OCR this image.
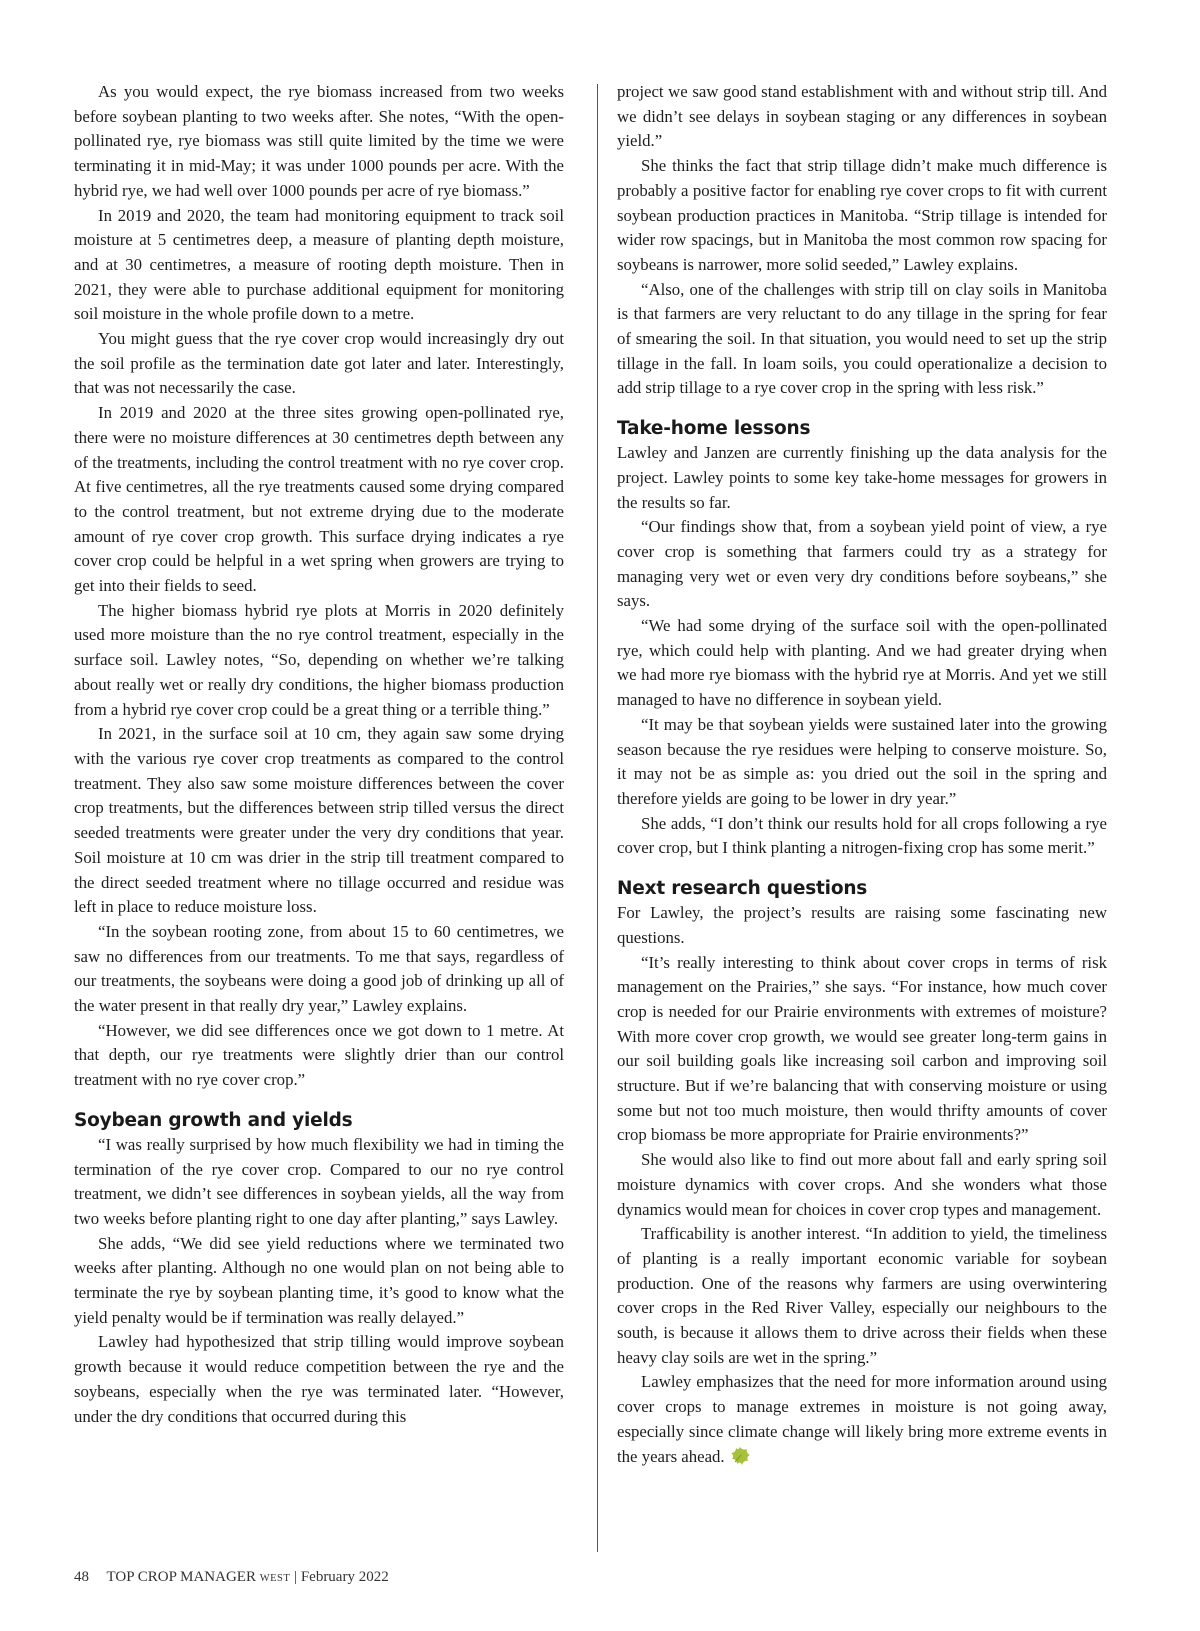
As you would expect, the rye biomass increased from two weeks before soybean planting to two weeks after. She notes, “With the open-pollinated rye, rye biomass was still quite limited by the time we were terminating it in mid-May; it was under 1000 pounds per acre. With the hybrid rye, we had well over 1000 pounds per acre of rye biomass.”

In 2019 and 2020, the team had monitoring equipment to track soil moisture at 5 centimetres deep, a measure of planting depth moisture, and at 30 centimetres, a measure of rooting depth moisture. Then in 2021, they were able to purchase additional equipment for monitoring soil moisture in the whole profile down to a metre.

You might guess that the rye cover crop would increasingly dry out the soil profile as the termination date got later and later. Interestingly, that was not necessarily the case.

In 2019 and 2020 at the three sites growing open-pollinated rye, there were no moisture differences at 30 centimetres depth between any of the treatments, including the control treatment with no rye cover crop. At five centimetres, all the rye treatments caused some drying compared to the control treatment, but not extreme drying due to the moderate amount of rye cover crop growth. This surface drying indicates a rye cover crop could be helpful in a wet spring when growers are trying to get into their fields to seed.

The higher biomass hybrid rye plots at Morris in 2020 definitely used more moisture than the no rye control treatment, especially in the surface soil. Lawley notes, “So, depending on whether we’re talking about really wet or really dry conditions, the higher biomass production from a hybrid rye cover crop could be a great thing or a terrible thing.”

In 2021, in the surface soil at 10 cm, they again saw some drying with the various rye cover crop treatments as compared to the control treatment. They also saw some moisture differences between the cover crop treatments, but the differences between strip tilled versus the direct seeded treatments were greater under the very dry conditions that year. Soil moisture at 10 cm was drier in the strip till treatment compared to the direct seeded treatment where no tillage occurred and residue was left in place to reduce moisture loss.

“In the soybean rooting zone, from about 15 to 60 centimetres, we saw no differences from our treatments. To me that says, regardless of our treatments, the soybeans were doing a good job of drinking up all of the water present in that really dry year,” Lawley explains.

“However, we did see differences once we got down to 1 metre. At that depth, our rye treatments were slightly drier than our control treatment with no rye cover crop.”

Soybean growth and yields

“I was really surprised by how much flexibility we had in timing the termination of the rye cover crop. Compared to our no rye control treatment, we didn’t see differences in soybean yields, all the way from two weeks before planting right to one day after planting,” says Lawley.

She adds, “We did see yield reductions where we terminated two weeks after planting. Although no one would plan on not being able to terminate the rye by soybean planting time, it’s good to know what the yield penalty would be if termination was really delayed.”

Lawley had hypothesized that strip tilling would improve soybean growth because it would reduce competition between the rye and the soybeans, especially when the rye was terminated later. “However, under the dry conditions that occurred during this

project we saw good stand establishment with and without strip till. And we didn’t see delays in soybean staging or any differences in soybean yield.”

She thinks the fact that strip tillage didn’t make much difference is probably a positive factor for enabling rye cover crops to fit with current soybean production practices in Manitoba. “Strip tillage is intended for wider row spacings, but in Manitoba the most common row spacing for soybeans is narrower, more solid seeded,” Lawley explains.

“Also, one of the challenges with strip till on clay soils in Manitoba is that farmers are very reluctant to do any tillage in the spring for fear of smearing the soil. In that situation, you would need to set up the strip tillage in the fall. In loam soils, you could operationalize a decision to add strip tillage to a rye cover crop in the spring with less risk.”

Take-home lessons

Lawley and Janzen are currently finishing up the data analysis for the project. Lawley points to some key take-home messages for growers in the results so far.

“Our findings show that, from a soybean yield point of view, a rye cover crop is something that farmers could try as a strategy for managing very wet or even very dry conditions before soybeans,” she says.

“We had some drying of the surface soil with the open-pollinated rye, which could help with planting. And we had greater drying when we had more rye biomass with the hybrid rye at Morris. And yet we still managed to have no difference in soybean yield.

“It may be that soybean yields were sustained later into the growing season because the rye residues were helping to conserve moisture. So, it may not be as simple as: you dried out the soil in the spring and therefore yields are going to be lower in dry year.”

She adds, “I don’t think our results hold for all crops following a rye cover crop, but I think planting a nitrogen-fixing crop has some merit.”

Next research questions

For Lawley, the project’s results are raising some fascinating new questions.

“It’s really interesting to think about cover crops in terms of risk management on the Prairies,” she says. “For instance, how much cover crop is needed for our Prairie environments with extremes of moisture? With more cover crop growth, we would see greater long-term gains in our soil building goals like increasing soil carbon and improving soil structure. But if we’re balancing that with conserving moisture or using some but not too much moisture, then would thrifty amounts of cover crop biomass be more appropriate for Prairie environments?”

She would also like to find out more about fall and early spring soil moisture dynamics with cover crops. And she wonders what those dynamics would mean for choices in cover crop types and management.

Trafficability is another interest. “In addition to yield, the timeliness of planting is a really important economic variable for soybean production. One of the reasons why farmers are using overwintering cover crops in the Red River Valley, especially our neighbours to the south, is because it allows them to drive across their fields when these heavy clay soils are wet in the spring.”

Lawley emphasizes that the need for more information around using cover crops to manage extremes in moisture is not going away, especially since climate change will likely bring more extreme events in the years ahead.

48 TOP CROP MANAGER WEST | February 2022
